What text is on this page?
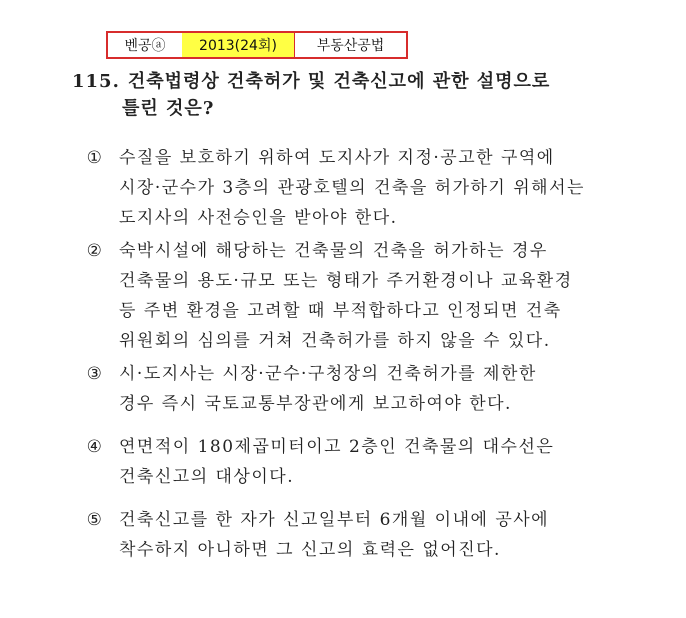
벤공ⓐ	2013(24회)	부동산공법
115. 건축법령상 건축허가 및 건축신고에 관한 설명으로
틀린 것은?
① 수질을 보호하기 위하여 도지사가 지정·공고한 구역에
시장·군수가 3층의 관광호텔의 건축을 허가하기 위해서는
도지사의 사전승인을 받아야 한다.
② 숙박시설에 해당하는 건축물의 건축을 허가하는 경우
건축물의 용도·규모 또는 형태가 주거환경이나 교육환경
등 주변 환경을 고려할 때 부적합하다고 인정되면 건축
위원회의 심의를 거쳐 건축허가를 하지 않을 수 있다.
③ 시·도지사는 시장·군수·구청장의 건축허가를 제한한
경우 즉시 국토교통부장관에게 보고하여야 한다.
④ 연면적이 180제곱미터이고 2층인 건축물의 대수선은
건축신고의 대상이다.
⑤ 건축신고를 한 자가 신고일부터 6개월 이내에 공사에
착수하지 아니하면 그 신고의 효력은 없어진다.
